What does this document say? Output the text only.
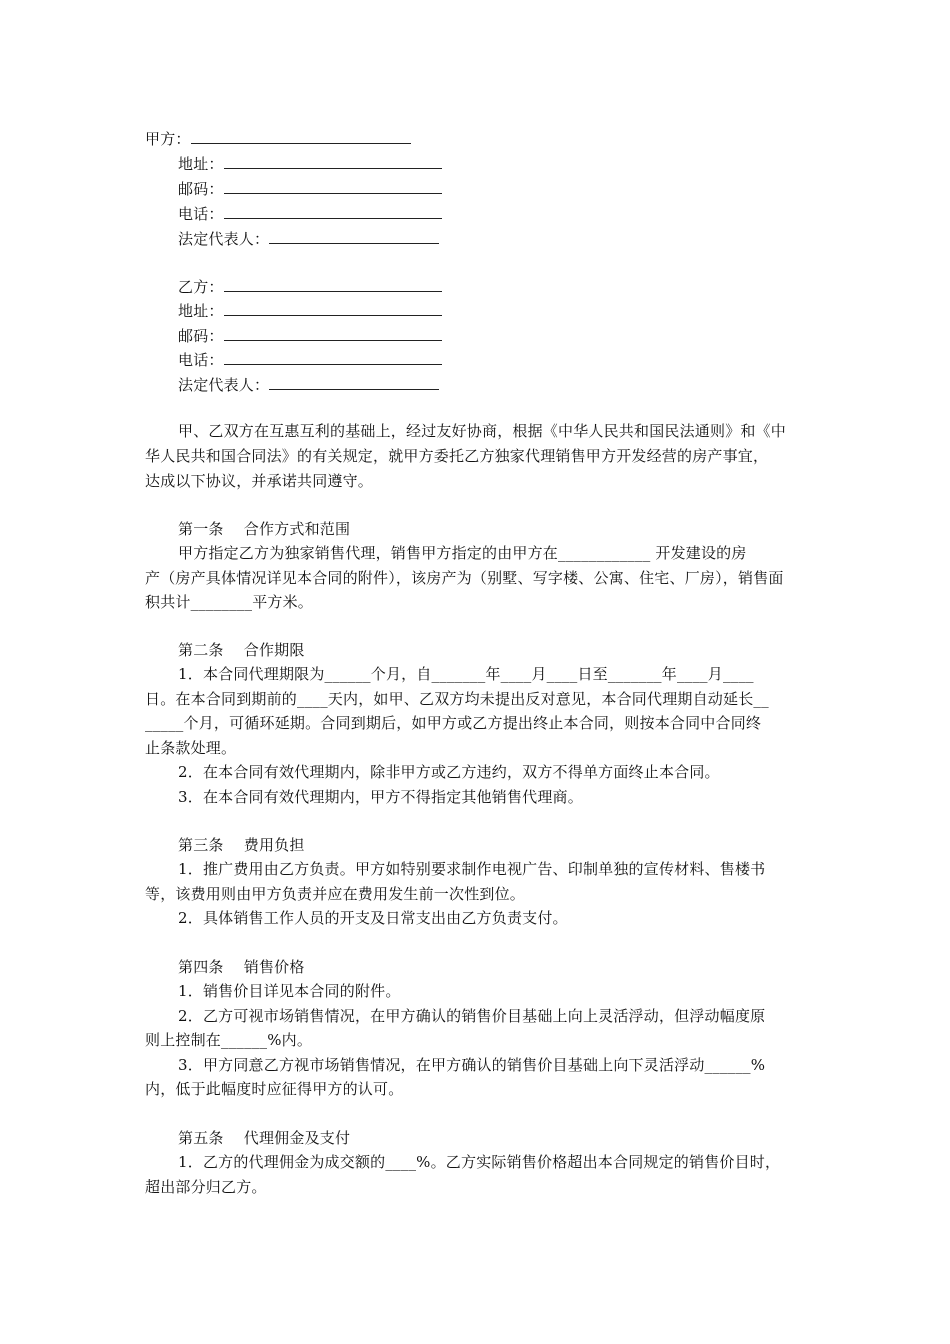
甲方：
地址：
邮码：
电话：
法定代表人：
乙方：
地址：
邮码：
电话：
法定代表人：
甲、乙双方在互惠互利的基础上，经过友好协商，根据《中华人民共和国民法通则》和《中
华人民共和国合同法》的有关规定，就甲方委托乙方独家代理销售甲方开发经营的房产事宜，
达成以下协议，并承诺共同遵守。
第一条　 合作方式和范围
甲方指定乙方为独家销售代理，销售甲方指定的由甲方在____________ 开发建设的房
产（房产具体情况详见本合同的附件），该房产为（别墅、写字楼、公寓、住宅、厂房），销售面
积共计________平方米。
第二条　 合作期限
1．本合同代理期限为______个月，自_______年____月____日至_______年____月____
日。在本合同到期前的____天内，如甲、乙双方均未提出反对意见，本合同代理期自动延长__
_____个月，可循环延期。合同到期后，如甲方或乙方提出终止本合同，则按本合同中合同终
止条款处理。
2．在本合同有效代理期内，除非甲方或乙方违约，双方不得单方面终止本合同。
3．在本合同有效代理期内，甲方不得指定其他销售代理商。
第三条　 费用负担
1．推广费用由乙方负责。甲方如特别要求制作电视广告、印制单独的宣传材料、售楼书
等，该费用则由甲方负责并应在费用发生前一次性到位。
2．具体销售工作人员的开支及日常支出由乙方负责支付。
第四条　 销售价格
1．销售价目详见本合同的附件。
2．乙方可视市场销售情况，在甲方确认的销售价目基础上向上灵活浮动，但浮动幅度原
则上控制在______%内。
3．甲方同意乙方视市场销售情况，在甲方确认的销售价目基础上向下灵活浮动______%
内，低于此幅度时应征得甲方的认可。
第五条　 代理佣金及支付
1．乙方的代理佣金为成交额的____%。乙方实际销售价格超出本合同规定的销售价目时，
超出部分归乙方。
